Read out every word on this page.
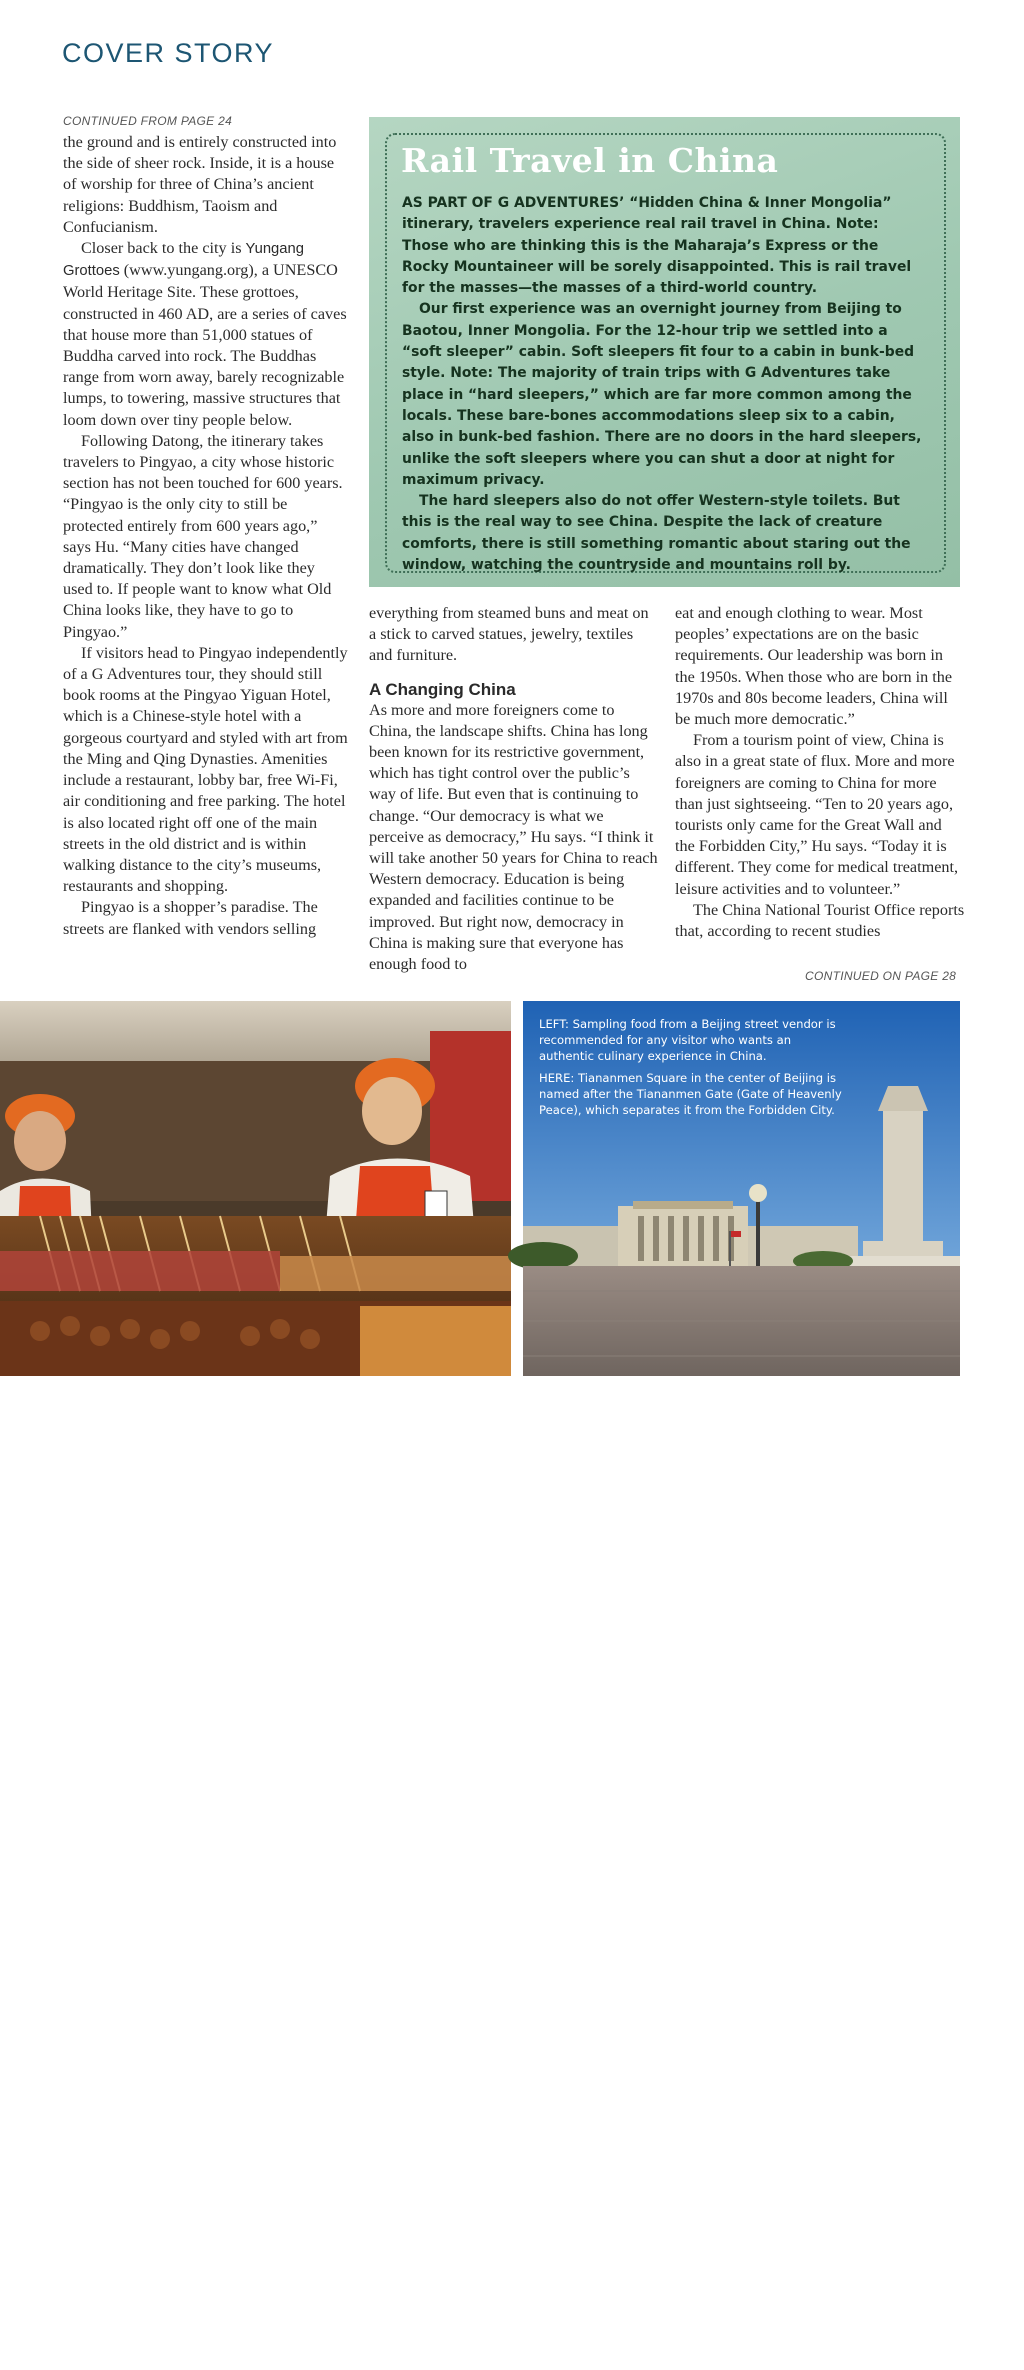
COVER STORY
CONTINUED FROM PAGE 24

the ground and is entirely constructed into the side of sheer rock. Inside, it is a house of worship for three of China’s ancient religions: Buddhism, Taoism and Confucianism.

Closer back to the city is Yungang Grottoes (www.yungang.org), a UNESCO World Heritage Site. These grottoes, constructed in 460 AD, are a series of caves that house more than 51,000 statues of Buddha carved into rock. The Buddhas range from worn away, barely recognizable lumps, to towering, massive structures that loom down over tiny people below.

Following Datong, the itinerary takes travelers to Pingyao, a city whose historic section has not been touched for 600 years. “Pingyao is the only city to still be protected entirely from 600 years ago,” says Hu. “Many cities have changed dramatically. They don’t look like they used to. If people want to know what Old China looks like, they have to go to Pingyao.”

If visitors head to Pingyao independently of a G Adventures tour, they should still book rooms at the Pingyao Yiguan Hotel, which is a Chinese-style hotel with a gorgeous courtyard and styled with art from the Ming and Qing Dynasties. Amenities include a restaurant, lobby bar, free Wi-Fi, air conditioning and free parking. The hotel is also located right off one of the main streets in the old district and is within walking distance to the city’s museums, restaurants and shopping.

Pingyao is a shopper’s paradise. The streets are flanked with vendors selling

Rail Travel in China

AS PART OF G ADVENTURES’ “Hidden China & Inner Mongolia” itinerary, travelers experience real rail travel in China. Note: Those who are thinking this is the Maharaja’s Express or the Rocky Mountaineer will be sorely disappointed. This is rail travel for the masses—the masses of a third-world country.

Our first experience was an overnight journey from Beijing to Baotou, Inner Mongolia. For the 12-hour trip we settled into a “soft sleeper” cabin. Soft sleepers fit four to a cabin in bunk-bed style. Note: The majority of train trips with G Adventures take place in “hard sleepers,” which are far more common among the locals. These bare-bones accommodations sleep six to a cabin, also in bunk-bed fashion. There are no doors in the hard sleepers, unlike the soft sleepers where you can shut a door at night for maximum privacy.

The hard sleepers also do not offer Western-style toilets. But this is the real way to see China. Despite the lack of creature comforts, there is still something romantic about staring out the window, watching the countryside and mountains roll by.

everything from steamed buns and meat on a stick to carved statues, jewelry, textiles and furniture.

A Changing China

As more and more foreigners come to China, the landscape shifts. China has long been known for its restrictive government, which has tight control over the public’s way of life. But even that is continuing to change. “Our democracy is what we perceive as democracy,” Hu says. “I think it will take another 50 years for China to reach Western democracy. Education is being expanded and facilities continue to be improved. But right now, democracy in China is making sure that everyone has enough food to

eat and enough clothing to wear. Most peoples’ expectations are on the basic requirements. Our leadership was born in the 1950s. When those who are born in the 1970s and 80s become leaders, China will be much more democratic.”

From a tourism point of view, China is also in a great state of flux. More and more foreigners are coming to China for more than just sightseeing. “Ten to 20 years ago, tourists only came for the Great Wall and the Forbidden City,” Hu says. “Today it is different. They come for medical treatment, leisure activities and to volunteer.”

The China National Tourist Office reports that, according to recent studies

CONTINUED ON PAGE 28
26 | TravelAgent | www.travelagentcentral.com | SEPTEMBER 1, 2014

LEFT: Sampling food from a Beijing street vendor is recommended for any visitor who wants an authentic culinary experience in China.

HERE: Tiananmen Square in the center of Beijing is named after the Tiananmen Gate (Gate of Heavenly Peace), which separates it from the Forbidden City.
